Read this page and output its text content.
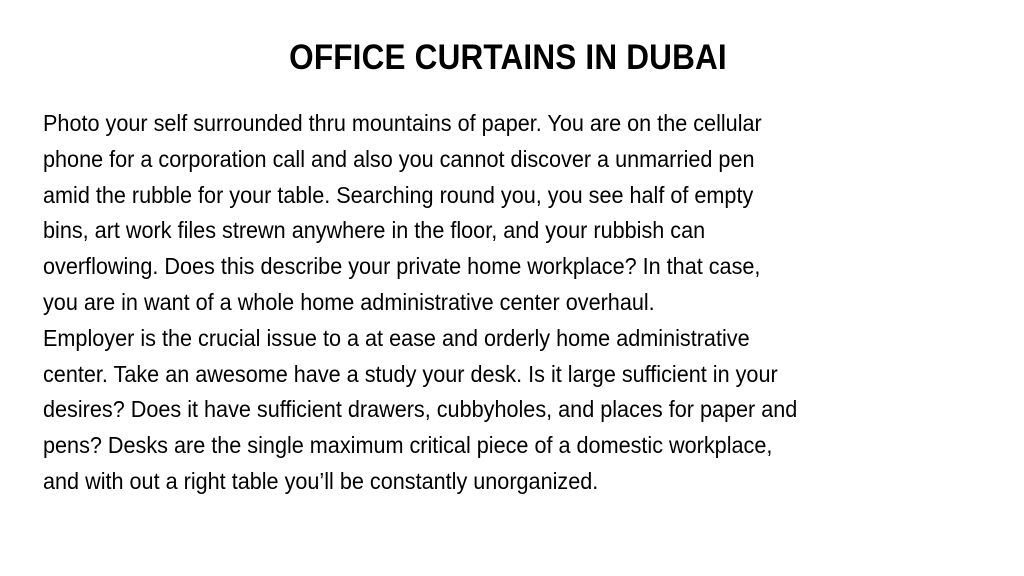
OFFICE CURTAINS IN DUBAI

Photo your self surrounded thru mountains of paper. You are on the cellular
phone for a corporation call and also you cannot discover a unmarried pen
amid the rubble for your table. Searching round you, you see half of empty
bins, art work files strewn anywhere in the floor, and your rubbish can
overflowing. Does this describe your private home workplace? In that case,
you are in want of a whole home administrative center overhaul.

Employer is the crucial issue to a at ease and orderly home administrative
center. Take an awesome have a study your desk. Is it large sufficient in your
desires? Does it have sufficient drawers, cubbyholes, and places for paper and
pens? Desks are the single maximum critical piece of a domestic workplace,
and with out a right table you’ll be constantly unorganized.
